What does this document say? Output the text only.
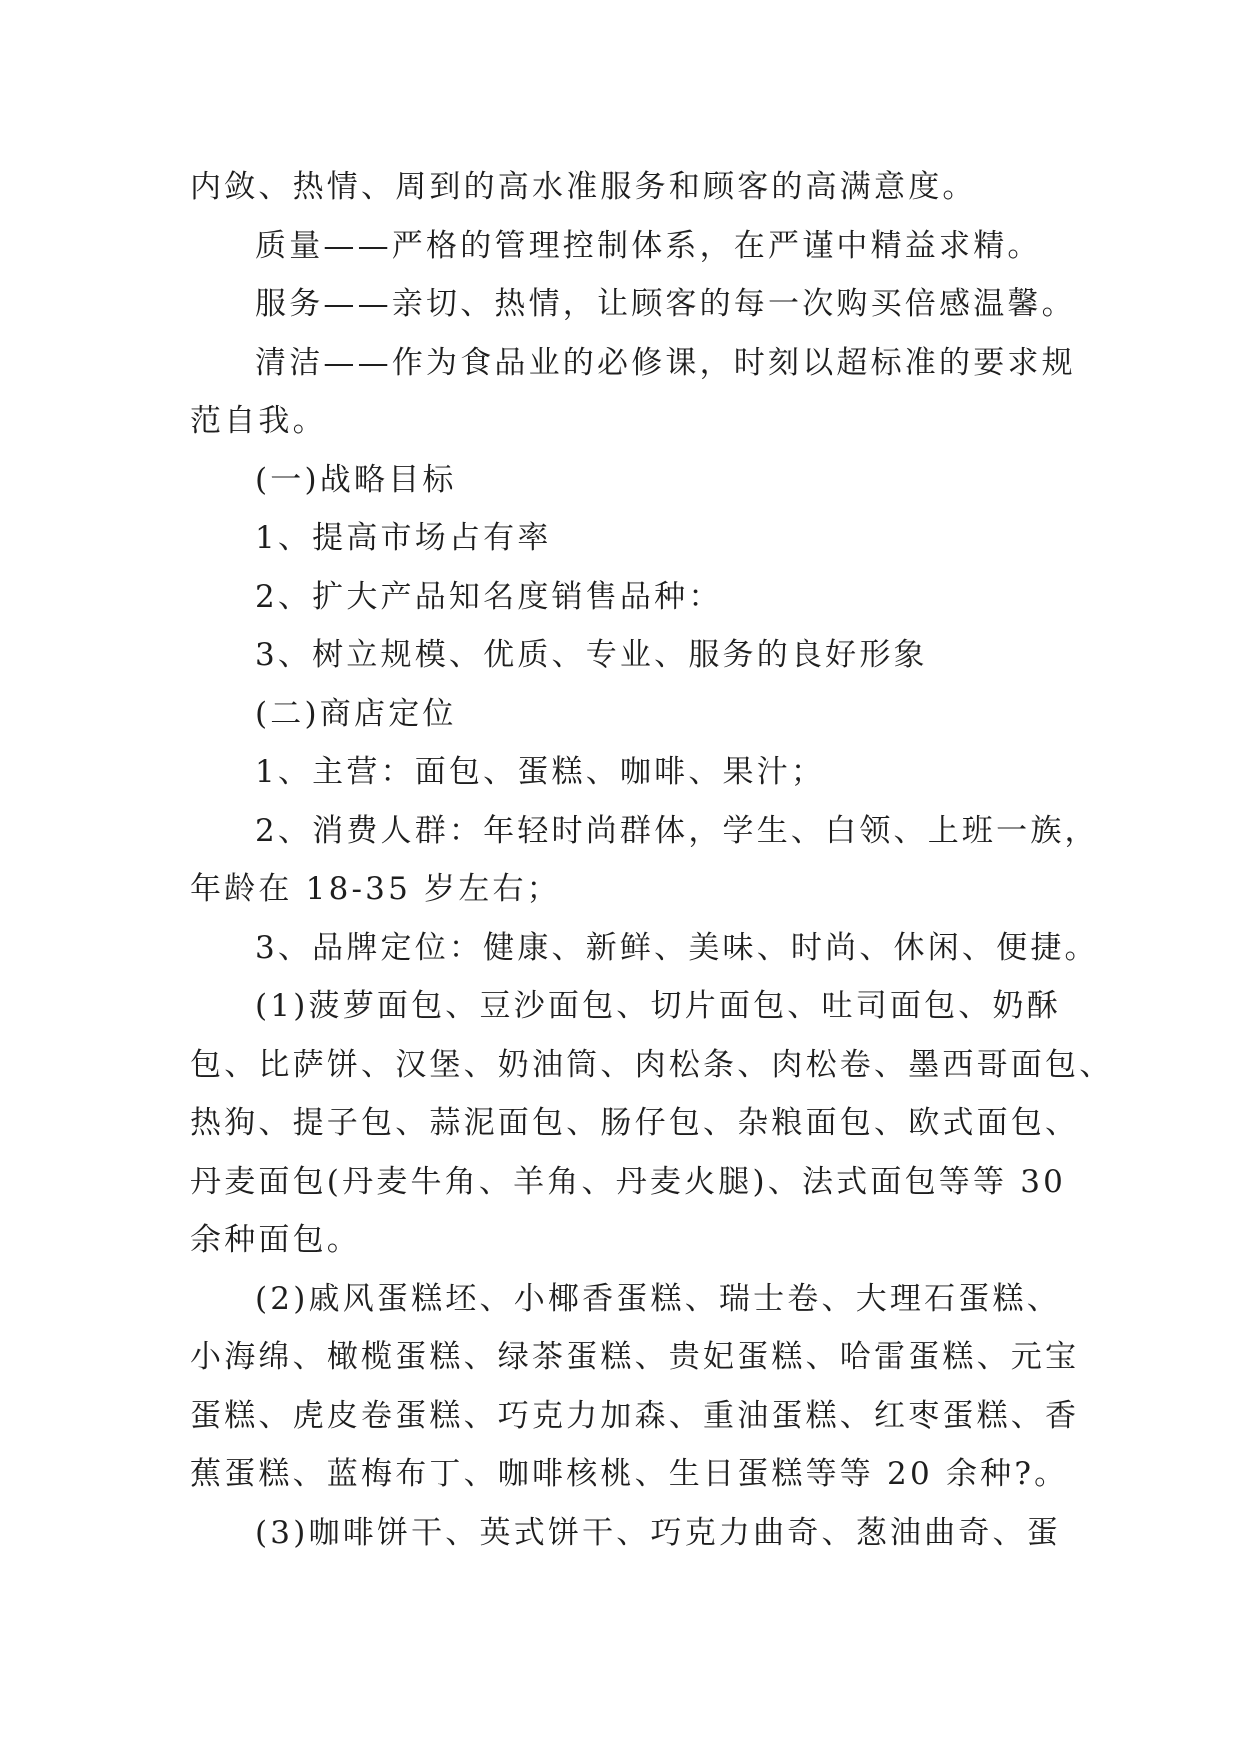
内敛、热情、周到的高水准服务和顾客的高满意度。
质量——严格的管理控制体系，在严谨中精益求精。
服务——亲切、热情，让顾客的每一次购买倍感温馨。
清洁——作为食品业的必修课，时刻以超标准的要求规
范自我。
(一)战略目标
1、提高市场占有率
2、扩大产品知名度销售品种：
3、树立规模、优质、专业、服务的良好形象
(二)商店定位
1、主营：面包、蛋糕、咖啡、果汁；
2、消费人群：年轻时尚群体，学生、白领、上班一族，
年龄在 18-35 岁左右；
3、品牌定位：健康、新鲜、美味、时尚、休闲、便捷。
(1)菠萝面包、豆沙面包、切片面包、吐司面包、奶酥
包、比萨饼、汉堡、奶油筒、肉松条、肉松卷、墨西哥面包、
热狗、提子包、蒜泥面包、肠仔包、杂粮面包、欧式面包、
丹麦面包(丹麦牛角、羊角、丹麦火腿)、法式面包等等 30
余种面包。
(2)戚风蛋糕坯、小椰香蛋糕、瑞士卷、大理石蛋糕、
小海绵、橄榄蛋糕、绿茶蛋糕、贵妃蛋糕、哈雷蛋糕、元宝
蛋糕、虎皮卷蛋糕、巧克力加森、重油蛋糕、红枣蛋糕、香
蕉蛋糕、蓝梅布丁、咖啡核桃、生日蛋糕等等 20 余种?。
(3)咖啡饼干、英式饼干、巧克力曲奇、葱油曲奇、蛋
